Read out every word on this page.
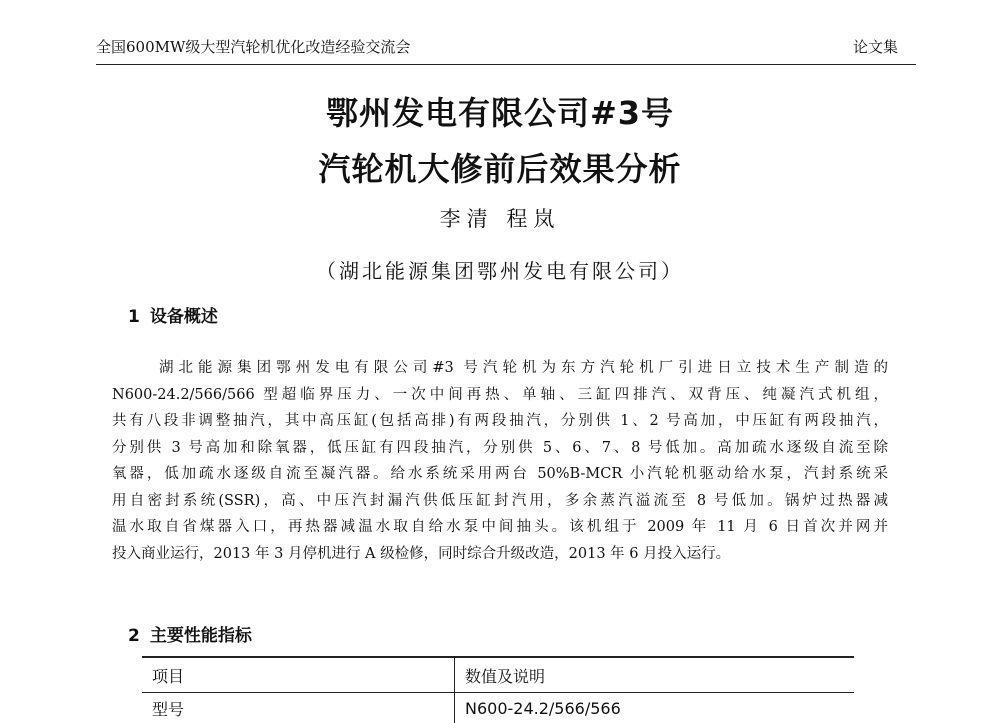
全国600MW级大型汽轮机优化改造经验交流会	论文集
鄂州发电有限公司#3号
汽轮机大修前后效果分析
李清 程岚
（湖北能源集团鄂州发电有限公司）
1 设备概述
湖北能源集团鄂州发电有限公司#3 号汽轮机为东方汽轮机厂引进日立技术生产制造的
N600-24.2/566/566 型超临界压力、一次中间再热、单轴、三缸四排汽、双背压、纯凝汽式机组，
共有八段非调整抽汽，其中高压缸(包括高排)有两段抽汽，分别供 1、2 号高加，中压缸有两段抽汽，
分别供 3 号高加和除氧器，低压缸有四段抽汽，分别供 5、6、7、8 号低加。高加疏水逐级自流至除
氧器，低加疏水逐级自流至凝汽器。给水系统采用两台 50%B-MCR 小汽轮机驱动给水泵，汽封系统采
用自密封系统(SSR)，高、中压汽封漏汽供低压缸封汽用，多余蒸汽溢流至 8 号低加。锅炉过热器减
温水取自省煤器入口，再热器减温水取自给水泵中间抽头。该机组于 2009 年 11 月 6 日首次并网并
投入商业运行，2013 年 3 月停机进行 A 级检修，同时综合升级改造，2013 年 6 月投入运行。
2 主要性能指标
项目	数值及说明
型号	N600-24.2/566/566
